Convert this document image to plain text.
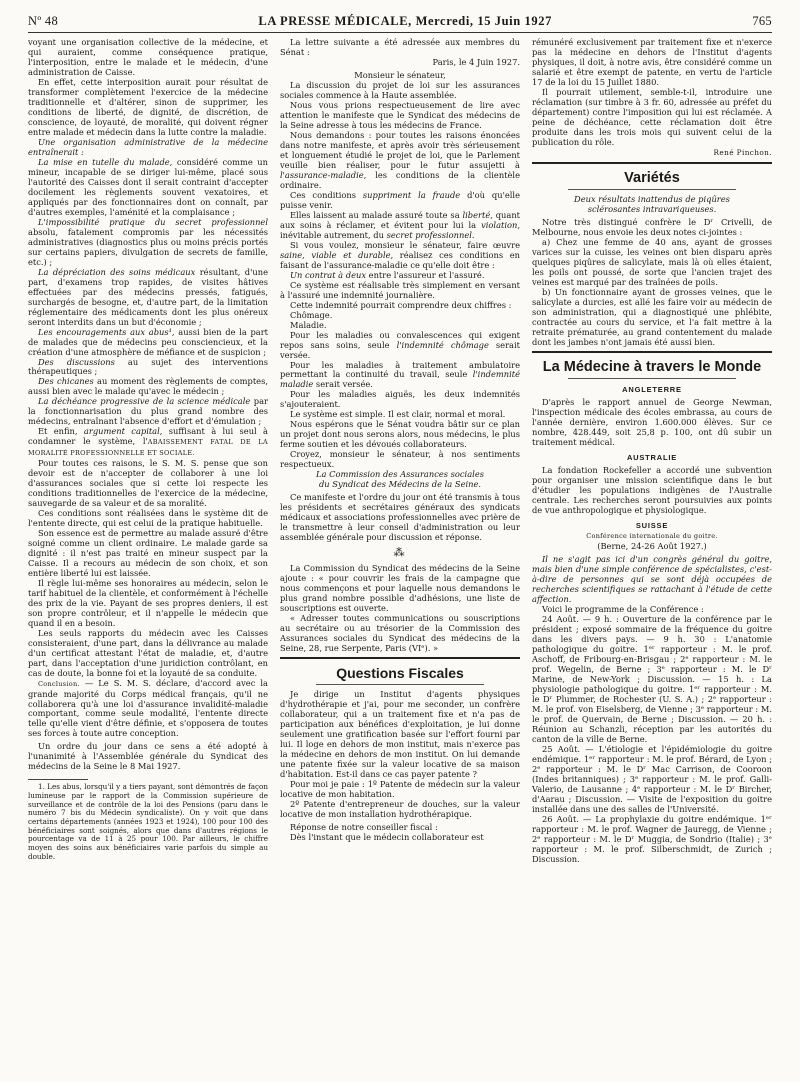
Nº 48	LA PRESSE MÉDICALE, Mercredi, 15 Juin 1927	765

voyant une organisation collective de la médecine, et qui auraient, comme conséquence pratique, l'interposition, entre le malade et le médecin, d'une administration de Caisse.

En effet, cette interposition aurait pour résultat de transformer complètement l'exercice de la médecine traditionnelle et d'altérer, sinon de supprimer, les conditions de liberté, de dignité, de discrétion, de conscience, de loyauté, de moralité, qui doivent régner entre malade et médecin dans la lutte contre la maladie.

Une organisation administrative de la médecine entraînerait :

La mise en tutelle du malade, considéré comme un mineur, incapable de se diriger lui-même, placé sous l'autorité des Caisses dont il serait contraint d'accepter docilement les règlements souvent vexatoires, et appliqués par des fonctionnaires dont on connaît, par d'autres exemples, l'aménité et la complaisance ;

L'impossibilité pratique du secret professionnel absolu, fatalement compromis par les nécessités administratives (diagnostics plus ou moins précis portés sur certains papiers, divulgation de secrets de famille, etc.) ;

La dépréciation des soins médicaux résultant, d'une part, d'examens trop rapides, de visites hâtives effectuées par des médecins pressés, fatigués, surchargés de besogne, et, d'autre part, de la limitation réglementaire des médicaments dont les plus onéreux seront interdits dans un but d'économie ;

Les encouragements aux abus¹, aussi bien de la part de malades que de médecins peu consciencieux, et la création d'une atmosphère de méfiance et de suspicion ;

Des discussions au sujet des interventions thérapeutiques ;

Des chicanes au moment des règlements de comptes, aussi bien avec le malade qu'avec le médecin ;

La déchéance progressive de la science médicale par la fonctionnarisation du plus grand nombre des médecins, entraînant l'absence d'effort et d'émulation ;

Et enfin, argument capital, suffisant à lui seul à condamner le système, l'ABAISSEMENT FATAL DE LA MORALITÉ PROFESSIONNELLE ET SOCIALE.

Pour toutes ces raisons, le S. M. S. pense que son devoir est de n'accepter de collaborer à une loi d'assurances sociales que si cette loi respecte les conditions traditionnelles de l'exercice de la médecine, sauvegarde de sa valeur et de sa moralité.

Ces conditions sont réalisées dans le système dit de l'entente directe, qui est celui de la pratique habituelle.

Son essence est de permettre au malade assuré d'être soigné comme un client ordinaire. Le malade garde sa dignité : il n'est pas traité en mineur suspect par la Caisse. Il a recours au médecin de son choix, et son entière liberté lui est laissée.

Il règle lui-même ses honoraires au médecin, selon le tarif habituel de la clientèle, et conformément à l'échelle des prix de la vie. Payant de ses propres deniers, il est son propre contrôleur, et il n'appelle le médecin que quand il en a besoin.

Les seuls rapports du médecin avec les Caisses consisteraient, d'une part, dans la délivrance au malade d'un certificat attestant l'état de maladie, et, d'autre part, dans l'acceptation d'une juridiction contrôlant, en cas de doute, la bonne foi et la loyauté de sa conduite.

Conclusion. — Le S. M. S. déclare, d'accord avec la grande majorité du Corps médical français, qu'il ne collaborera qu'à une loi d'assurance invalidité-maladie comportant, comme seule modalité, l'entente directe telle qu'elle vient d'être définie, et s'opposera de toutes ses forces à toute autre conception.

Un ordre du jour dans ce sens a été adopté à l'unanimité à l'Assemblée générale du Syndicat des médecins de la Seine le 8 Mai 1927.

1. Les abus, lorsqu'il y a tiers payant, sont démontrés de façon lumineuse par le rapport de la Commission supérieure de surveillance et de contrôle de la loi des Pensions (paru dans le numéro 7 bis du Médecin syndicaliste). On y voit que dans certains départements (années 1923 et 1924), 100 pour 100 des bénéficiaires sont soignés, alors que dans d'autres régions le pourcentage va de 11 à 25 pour 100. Par ailleurs, le chiffre moyen des soins aux bénéficiaires varie parfois du simple au double.

La lettre suivante a été adressée aux membres du Sénat :

Paris, le 4 Juin 1927.

Monsieur le sénateur,

La discussion du projet de loi sur les assurances sociales commence à la Haute assemblée.

Nous vous prions respectueusement de lire avec attention le manifeste que le Syndicat des médecins de la Seine adresse à tous les médecins de France.

Nous demandons : pour toutes les raisons énoncées dans notre manifeste, et après avoir très sérieusement et longuement étudié le projet de loi, que le Parlement veuille bien réaliser, pour le futur assujetti à l'assurance-maladie, les conditions de la clientèle ordinaire.

Ces conditions suppriment la fraude d'où qu'elle puisse venir.

Elles laissent au malade assuré toute sa liberté, quant aux soins à réclamer, et évitent pour lui la violation, inévitable autrement, du secret professionnel.

Si vous voulez, monsieur le sénateur, faire œuvre saine, viable et durable, réalisez ces conditions en faisant de l'assurance-maladie ce qu'elle doit être :

Un contrat à deux entre l'assureur et l'assuré.

Ce système est réalisable très simplement en versant à l'assuré une indemnité journalière.

Cette indemnité pourrait comprendre deux chiffres :

Chômage.

Maladie.

Pour les maladies ou convalescences qui exigent repos sans soins, seule l'indemnité chômage serait versée.

Pour les maladies à traitement ambulatoire permettant la continuité du travail, seule l'indemnité maladie serait versée.

Pour les maladies aiguës, les deux indemnités s'ajouteraient.

Le système est simple. Il est clair, normal et moral.

Nous espérons que le Sénat voudra bâtir sur ce plan un projet dont nous serons alors, nous médecins, le plus ferme soutien et les dévoués collaborateurs.

Croyez, monsieur le sénateur, à nos sentiments respectueux.

La Commission des Assurances sociales

du Syndicat des Médecins de la Seine.

Ce manifeste et l'ordre du jour ont été transmis à tous les présidents et secrétaires généraux des syndicats médicaux et associations professionnelles avec prière de le transmettre à leur conseil d'administration ou leur assemblée générale pour discussion et réponse.

⁂

La Commission du Syndicat des médecins de la Seine ajoute : « pour couvrir les frais de la campagne que nous commençons et pour laquelle nous demandons le plus grand nombre possible d'adhésions, une liste de souscriptions est ouverte.

« Adresser toutes communications ou souscriptions au secrétaire ou au trésorier de la Commission des Assurances sociales du Syndicat des médecins de la Seine, 28, rue Serpente, Paris (VIᵉ). »

Questions Fiscales

Je dirige un Institut d'agents physiques d'hydrothérapie et j'ai, pour me seconder, un confrère collaborateur, qui a un traitement fixe et n'a pas de participation aux bénéfices d'exploitation, je lui donne seulement une gratification basée sur l'effort fourni par lui. Il loge en dehors de mon institut, mais n'exerce pas la médecine en dehors de mon institut. On lui demande une patente fixée sur la valeur locative de sa maison d'habitation. Est-il dans ce cas payer patente ?

Pour moi je paie : 1º Patente de médecin sur la valeur locative de mon habitation.

2º Patente d'entrepreneur de douches, sur la valeur locative de mon installation hydrothérapique.

Réponse de notre conseiller fiscal :

Dès l'instant que le médecin collaborateur est

rémunéré exclusivement par traitement fixe et n'exerce pas la médecine en dehors de l'Institut d'agents physiques, il doit, à notre avis, être considéré comme un salarié et être exempt de patente, en vertu de l'article 17 de la loi du 15 Juillet 1880.

Il pourrait utilement, semble-t-il, introduire une réclamation (sur timbre à 3 fr. 60, adressée au préfet du département) contre l'imposition qui lui est réclamée. A peine de déchéance, cette réclamation doit être produite dans les trois mois qui suivent celui de la publication du rôle.

René Pinchon.
Variétés

Deux résultats inattendus de piqûres

sclérosantes intravariqueuses.

Notre très distingué confrère le Dʳ Crivelli, de Melbourne, nous envoie les deux notes ci-jointes :

a) Chez une femme de 40 ans, ayant de grosses varices sur la cuisse, les veines ont bien disparu après quelques piqûres de salicylate, mais là où elles étaient, les poils ont poussé, de sorte que l'ancien trajet des veines est marqué par des traînées de poils.

b) Un fonctionnaire ayant de grosses veines, que le salicylate a durcies, est allé les faire voir au médecin de son administration, qui a diagnostiqué une phlébite, contractée au cours du service, et l'a fait mettre à la retraite prématurée, au grand contentement du malade dont les jambes n'ont jamais été aussi bien.

La Médecine à travers le Monde
ANGLETERRE

D'après le rapport annuel de George Newman, l'inspection médicale des écoles embrassa, au cours de l'année dernière, environ 1.600.000 élèves. Sur ce nombre, 428.449, soit 25,8 p. 100, ont dû subir un traitement médical.

AUSTRALIE

La fondation Rockefeller a accordé une subvention pour organiser une mission scientifique dans le but d'étudier les populations indigènes de l'Australie centrale. Les recherches seront poursuivies aux points de vue anthropologique et physiologique.

SUISSE

Conférence internationale du goitre.

(Berne, 24-26 Août 1927.)

Il ne s'agit pas ici d'un congrès général du goitre, mais bien d'une simple conférence de spécialistes, c'est-à-dire de personnes qui se sont déjà occupées de recherches scientifiques se rattachant à l'étude de cette affection.

Voici le programme de la Conférence :

24 Août. — 9 h. : Ouverture de la conférence par le président ; exposé sommaire de la fréquence du goitre dans les divers pays. — 9 h. 30 : L'anatomie pathologique du goitre. 1ᵉʳ rapporteur : M. le prof. Aschoff, de Fribourg-en-Brisgau ; 2ᵉ rapporteur : M. le prof. Wegelin, de Berne ; 3ᵉ rapporteur : M. le Dʳ Marine, de New-York ; Discussion. — 15 h. : La physiologie pathologique du goitre. 1ᵉʳ rapporteur : M. le Dʳ Plummer, de Rochester (U. S. A.) ; 2ᵉ rapporteur : M. le prof. von Eiselsberg, de Vienne ; 3ᵉ rapporteur : M. le prof. de Quervain, de Berne ; Discussion. — 20 h. : Réunion au Schanzli, réception par les autorités du canton de la ville de Berne.

25 Août. — L'étiologie et l'épidémiologie du goitre endémique. 1ᵉʳ rapporteur : M. le prof. Bérard, de Lyon ; 2ᵉ rapporteur : M. le Dʳ Mac Carrison, de Cooroon (Indes britanniques) ; 3ᵉ rapporteur : M. le prof. Galli-Valerio, de Lausanne ; 4ᵉ rapporteur : M. le Dʳ Bircher, d'Aarau ; Discussion. — Visite de l'exposition du goitre installée dans une des salles de l'Université.

26 Août. — La prophylaxie du goitre endémique. 1ᵉʳ rapporteur : M. le prof. Wagner de Jauregg, de Vienne ; 2ᵉ rapporteur : M. le Dʳ Muggia, de Sondrio (Italie) ; 3ᵉ rapporteur : M. le prof. Silberschmidt, de Zurich ; Discussion.
